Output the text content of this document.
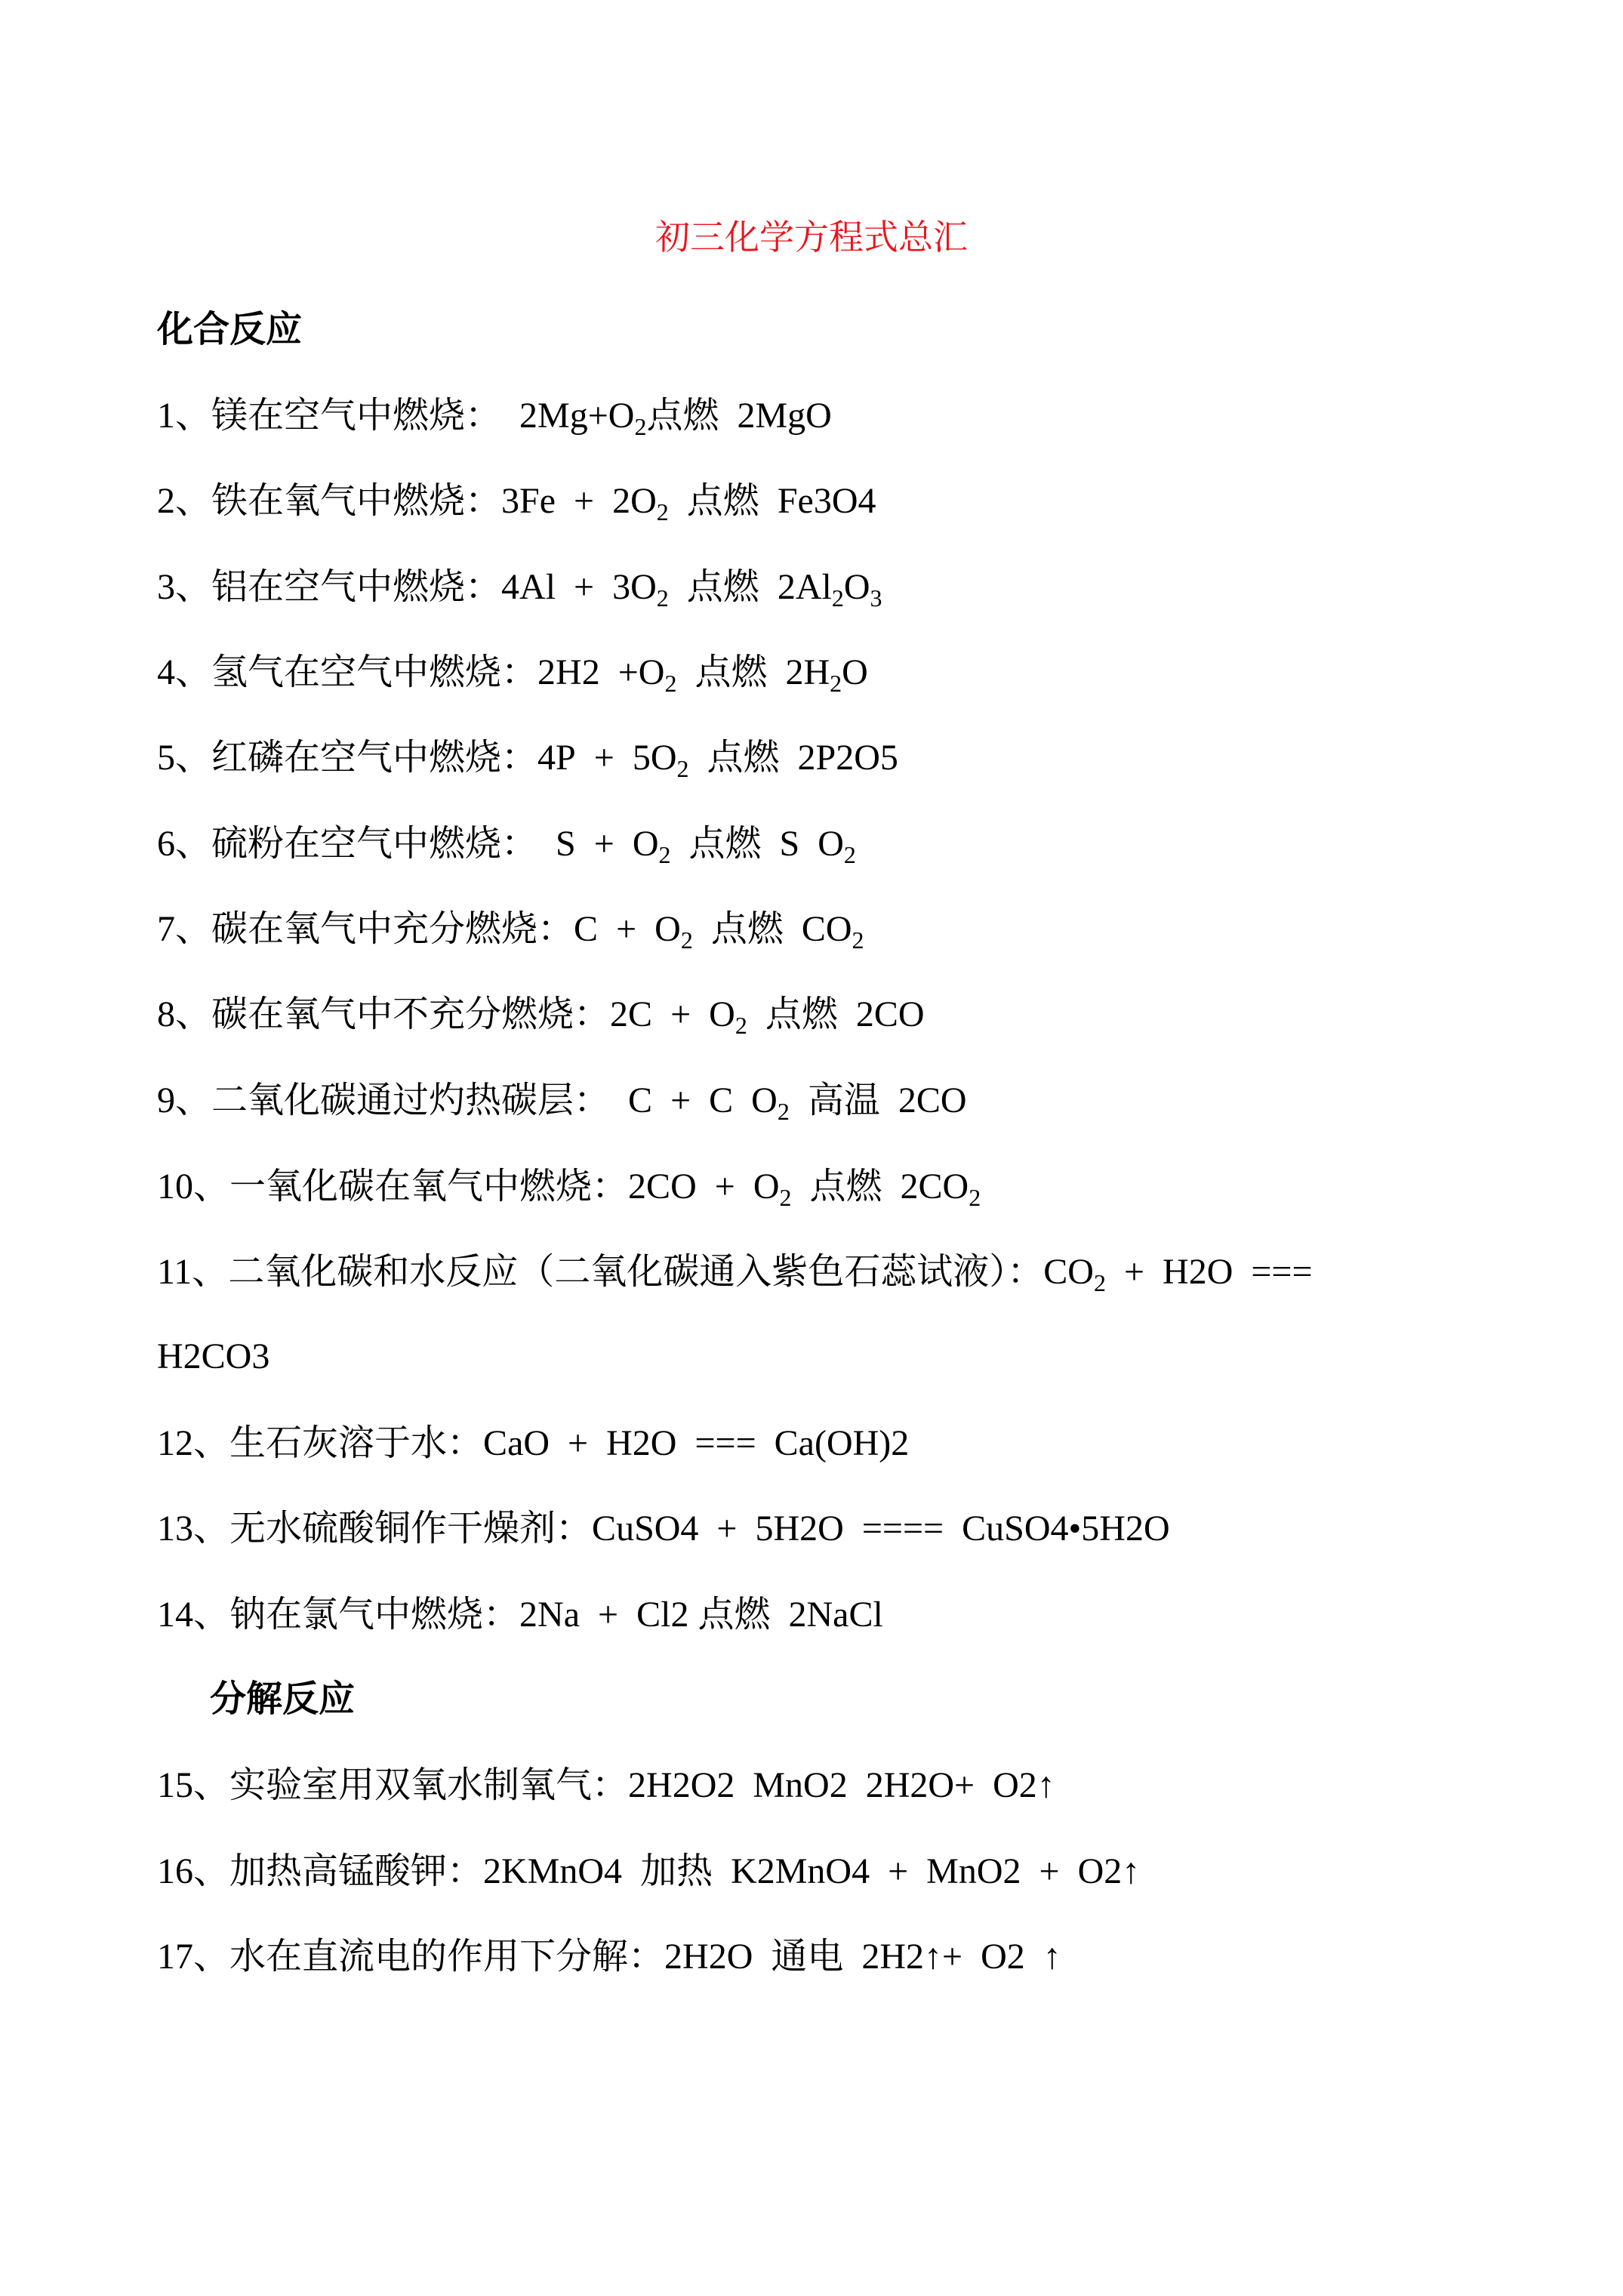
初三化学方程式总汇
化合反应
1、镁在空气中燃烧： $2Mg+O_2$点燃 2MgO
2、铁在氧气中燃烧：$3Fe + 2O_2$ 点燃 Fe3O4
3、铝在空气中燃烧：$4Al + 3O_2$ 点燃 $2Al_2O_3$
4、氢气在空气中燃烧：$2H2 +O_2$ 点燃 $2H_2O$
5、红磷在空气中燃烧：$4P + 5O_2$ 点燃 2P2O5
6、硫粉在空气中燃烧： $S + O_2$ 点燃 S $O_2$
7、碳在氧气中充分燃烧：$C + O_2$ 点燃 $CO_2$
8、碳在氧气中不充分燃烧：$2C + O_2$ 点燃 2CO
9、二氧化碳通过灼热碳层： C + C $O_2$ 高温 2CO
10、一氧化碳在氧气中燃烧：$2CO + O_2$ 点燃 $2CO_2$
11、二氧化碳和水反应（二氧化碳通入紫色石蕊试液）：$CO_2 + H2O$ ===
H2CO3
12、生石灰溶于水：CaO + H2O === Ca(OH)2
13、无水硫酸铜作干燥剂：CuSO4 + 5H2O ==== CuSO4•5H2O
14、钠在氯气中燃烧：2Na + Cl2 点燃 2NaCl
分解反应
15、实验室用双氧水制氧气：2H2O2 MnO2 2H2O+ O2↑
16、加热高锰酸钾：2KMnO4 加热 K2MnO4 + MnO2 + O2↑
17、水在直流电的作用下分解：2H2O 通电 2H2↑+ O2 ↑
